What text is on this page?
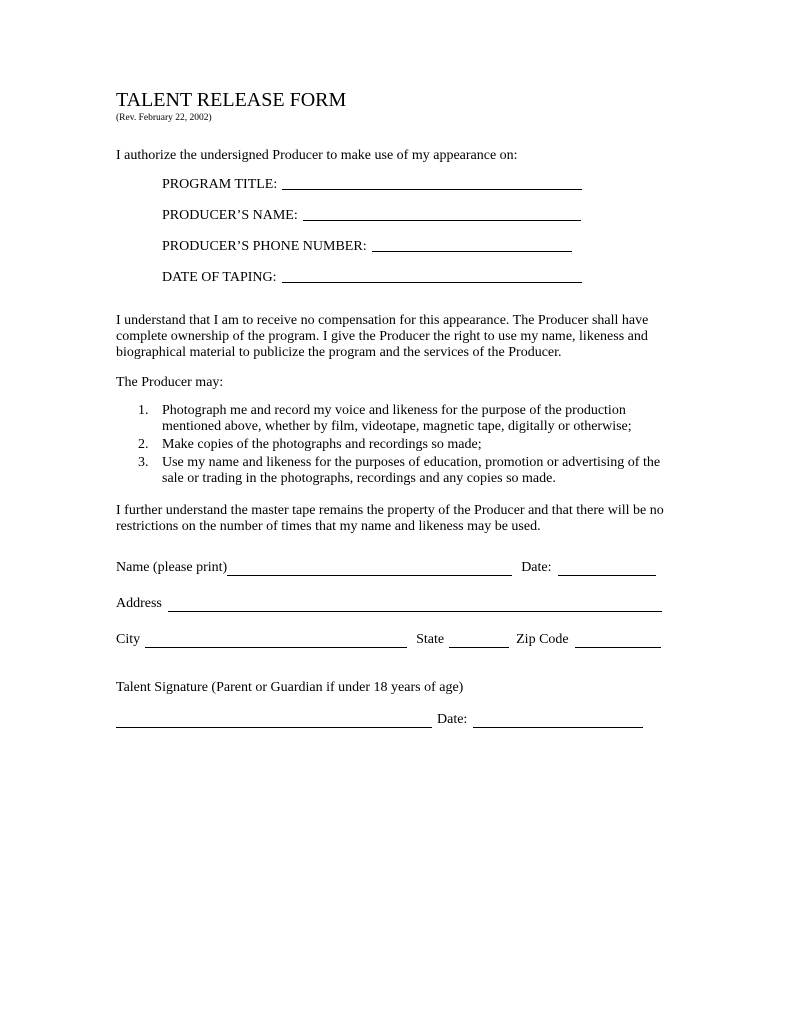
TALENT RELEASE FORM
(Rev. February 22, 2002)

I authorize the undersigned Producer to make use of my appearance on:

PROGRAM TITLE:
PRODUCER’S NAME:
PRODUCER’S PHONE NUMBER:
DATE OF TAPING:

I understand that I am to receive no compensation for this appearance. The Producer shall have complete ownership of the program. I give the Producer the right to use my name, likeness and biographical material to publicize the program and the services of the Producer.

The Producer may:

1. Photograph me and record my voice and likeness for the purpose of the production mentioned above, whether by film, videotape, magnetic tape, digitally or otherwise;
2. Make copies of the photographs and recordings so made;
3. Use my name and likeness for the purposes of education, promotion or advertising of the sale or trading in the photographs, recordings and any copies so made.

I further understand the master tape remains the property of the Producer and that there will be no restrictions on the number of times that my name and likeness may be used.

Name (please print)	Date:
Address
City	State	Zip Code

Talent Signature (Parent or Guardian if under 18 years of age)

Date:
